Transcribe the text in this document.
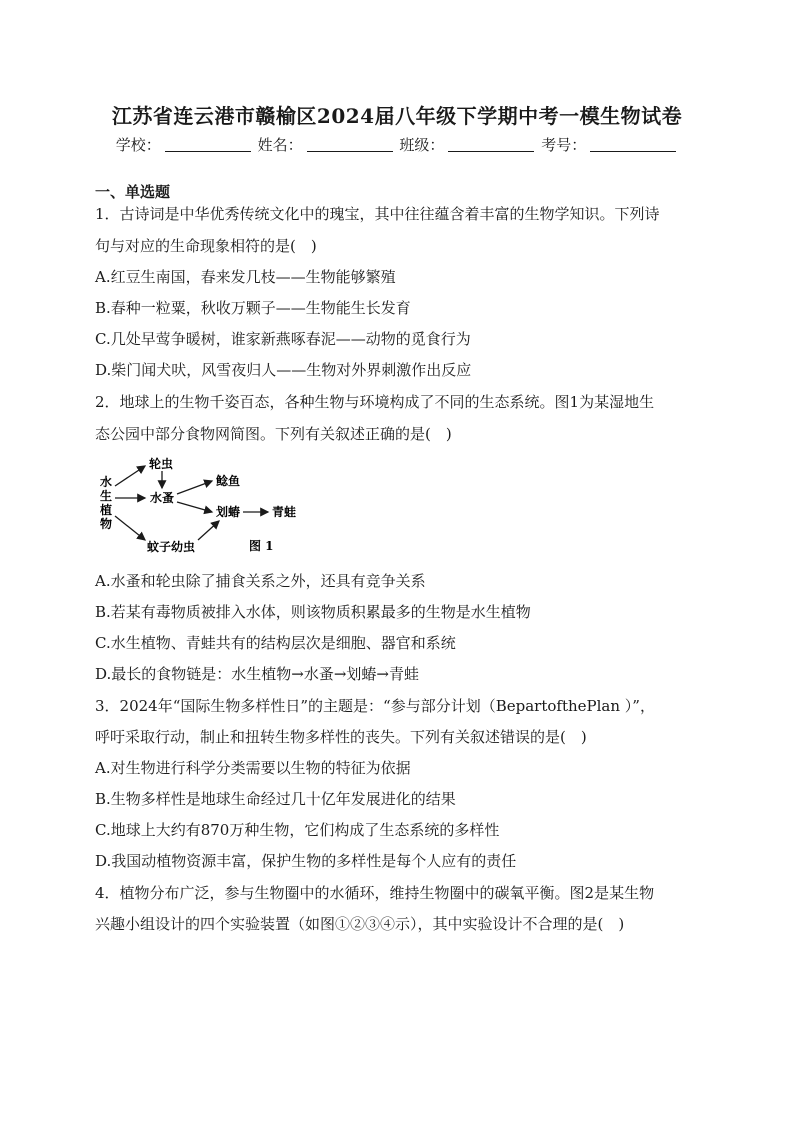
江苏省连云港市赣榆区2024届八年级下学期中考一模生物试卷
学校：	姓名：	班级：	考号：
一、单选题
1．古诗词是中华优秀传统文化中的瑰宝，其中往往蕴含着丰富的生物学知识。下列诗
句与对应的生命现象相符的是(　)
A.红豆生南国，春来发几枝——生物能够繁殖
B.春种一粒粟，秋收万颗子——生物能生长发育
C.几处早莺争暖树，谁家新燕啄春泥——动物的觅食行为
D.柴门闻犬吠，风雪夜归人——生物对外界刺激作出反应
2．地球上的生物千姿百态，各种生物与环境构成了不同的生态系统。图1为某湿地生
态公园中部分食物网简图。下列有关叙述正确的是(　)
水
生
植
物
轮虫
水蚤
鲶鱼
划蝽	青蛙
蚊子幼虫	图 1
A.水蚤和轮虫除了捕食关系之外，还具有竞争关系
B.若某有毒物质被排入水体，则该物质积累最多的生物是水生植物
C.水生植物、青蛙共有的结构层次是细胞、器官和系统
D.最长的食物链是：水生植物→水蚤→划蝽→青蛙
3．2024年“国际生物多样性日”的主题是：“参与部分计划（BepartofthePlan ）”，
呼吁采取行动，制止和扭转生物多样性的丧失。下列有关叙述错误的是(　)
A.对生物进行科学分类需要以生物的特征为依据
B.生物多样性是地球生命经过几十亿年发展进化的结果
C.地球上大约有870万种生物，它们构成了生态系统的多样性
D.我国动植物资源丰富，保护生物的多样性是每个人应有的责任
4．植物分布广泛，参与生物圈中的水循环，维持生物圈中的碳氧平衡。图2是某生物
兴趣小组设计的四个实验装置（如图①②③④示），其中实验设计不合理的是(　)
